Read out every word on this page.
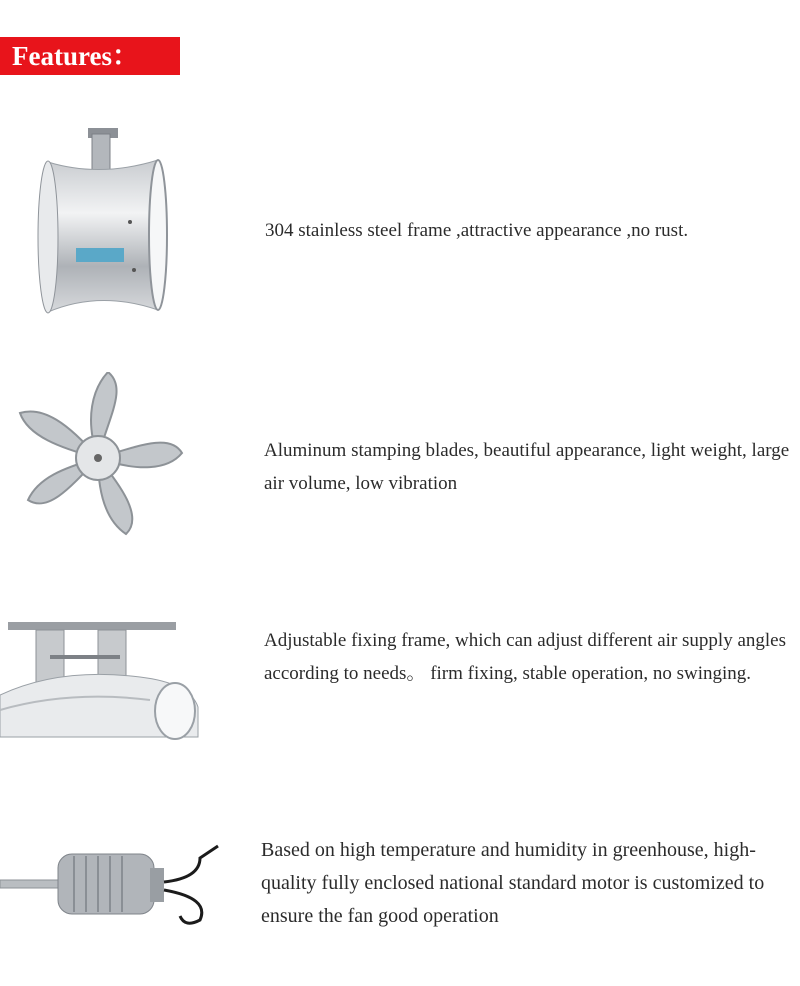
Features：

304 stainless steel frame ,attractive appearance ,no rust.

Aluminum stamping blades, beautiful appearance, light weight, large air volume, low vibration

Adjustable fixing frame, which can adjust different air supply angles according to needs。 firm fixing, stable operation, no swinging.

Based on high temperature and humidity in greenhouse, high-quality fully enclosed national standard motor is customized to ensure the fan good operation
